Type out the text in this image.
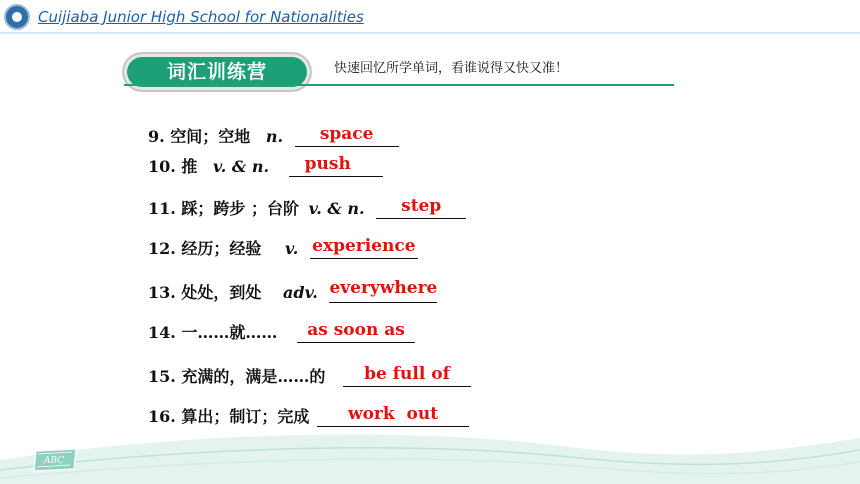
Cuijiaba Junior High School for Nationalities
词汇训练营	快速回忆所学单词，看谁说得又快又准！
9. 空间；空地 n.	space
10. 推 v. & n.	push
11. 踩；跨步 ；台阶 v. & n.	step
12. 经历；经验 v. experience
13. 处处，到处 adv. everywhere
14. 一……就……	as soon as
15. 充满的，满是……的	be full of
16. 算出；制订；完成	work  out
ABC
